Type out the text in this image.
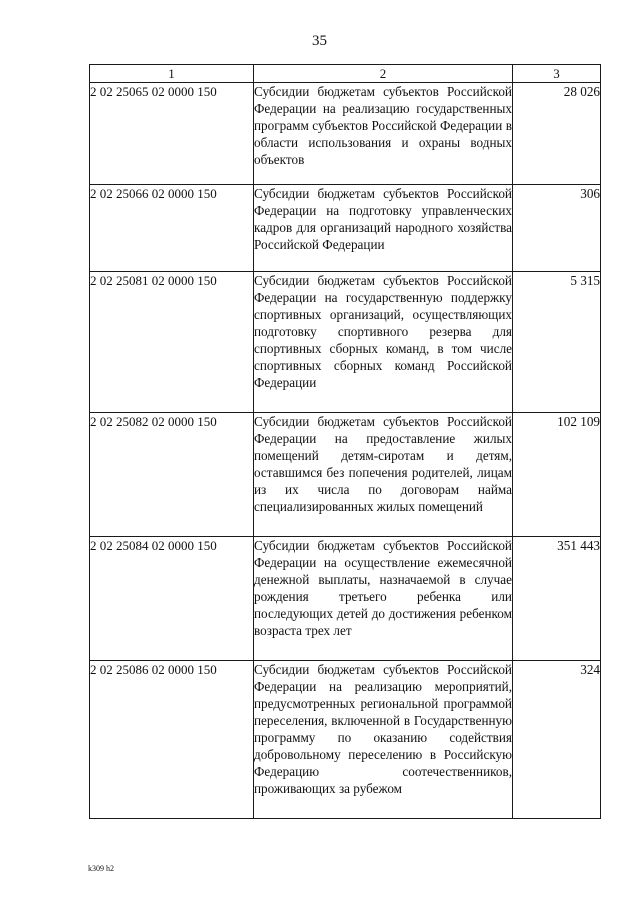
35
1	2	3
2 02 25065 02 0000 150	Субсидии бюджетам субъектов Российской Федерации на реализацию государственных программ субъектов Российской Федерации в области использования и охраны водных объектов	28 026
2 02 25066 02 0000 150	Субсидии бюджетам субъектов Российской Федерации на подготовку управленческих кадров для организаций народного хозяйства Российской Федерации	306
2 02 25081 02 0000 150	Субсидии бюджетам субъектов Российской Федерации на государственную поддержку спортивных организаций, осуществляющих подготовку спортивного резерва для спортивных сборных команд, в том числе спортивных сборных команд Российской Федерации	5 315
2 02 25082 02 0000 150	Субсидии бюджетам субъектов Российской Федерации на предоставление жилых помещений детям-сиротам и детям, оставшимся без попечения родителей, лицам из их числа по договорам найма специализированных жилых помещений	102 109
2 02 25084 02 0000 150	Субсидии бюджетам субъектов Российской Федерации на осуществление ежемесячной денежной выплаты, назначаемой в случае рождения третьего ребенка или последующих детей до достижения ребенком возраста трех лет	351 443
2 02 25086 02 0000 150	Субсидии бюджетам субъектов Российской Федерации на реализацию мероприятий, предусмотренных региональной программой переселения, включенной в Государственную программу по оказанию содействия добровольному переселению в Российскую Федерацию соотечественников, проживающих за рубежом	324
k309 h2
